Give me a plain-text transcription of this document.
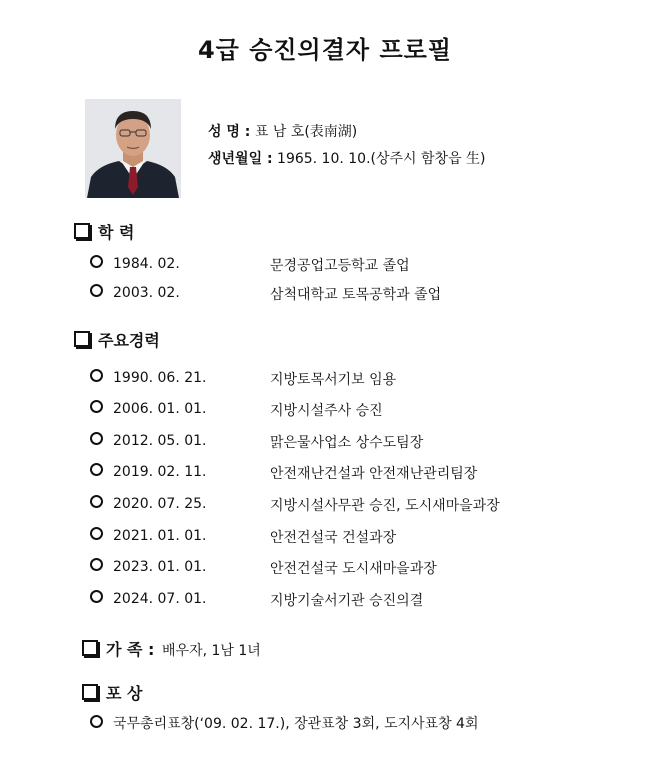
4급 승진의결자 프로필
성 명 : 표 남 호(表南湖)
생년월일 : 1965. 10. 10.(상주시 함창읍 生)
학 력
1984. 02.	문경공업고등학교 졸업
2003. 02.	삼척대학교 토목공학과 졸업
주요경력
1990. 06. 21.	지방토목서기보 임용
2006. 01. 01.	지방시설주사 승진
2012. 05. 01.	맑은물사업소 상수도팀장
2019. 02. 11.	안전재난건설과 안전재난관리팀장
2020. 07. 25.	지방시설사무관 승진, 도시새마을과장
2021. 01. 01.	안전건설국 건설과장
2023. 01. 01.	안전건설국 도시새마을과장
2024. 07. 01.	지방기술서기관 승진의결
가 족 : 배우자, 1남 1녀
포 상
국무총리표창(‘09. 02. 17.), 장관표창 3회, 도지사표창 4회
